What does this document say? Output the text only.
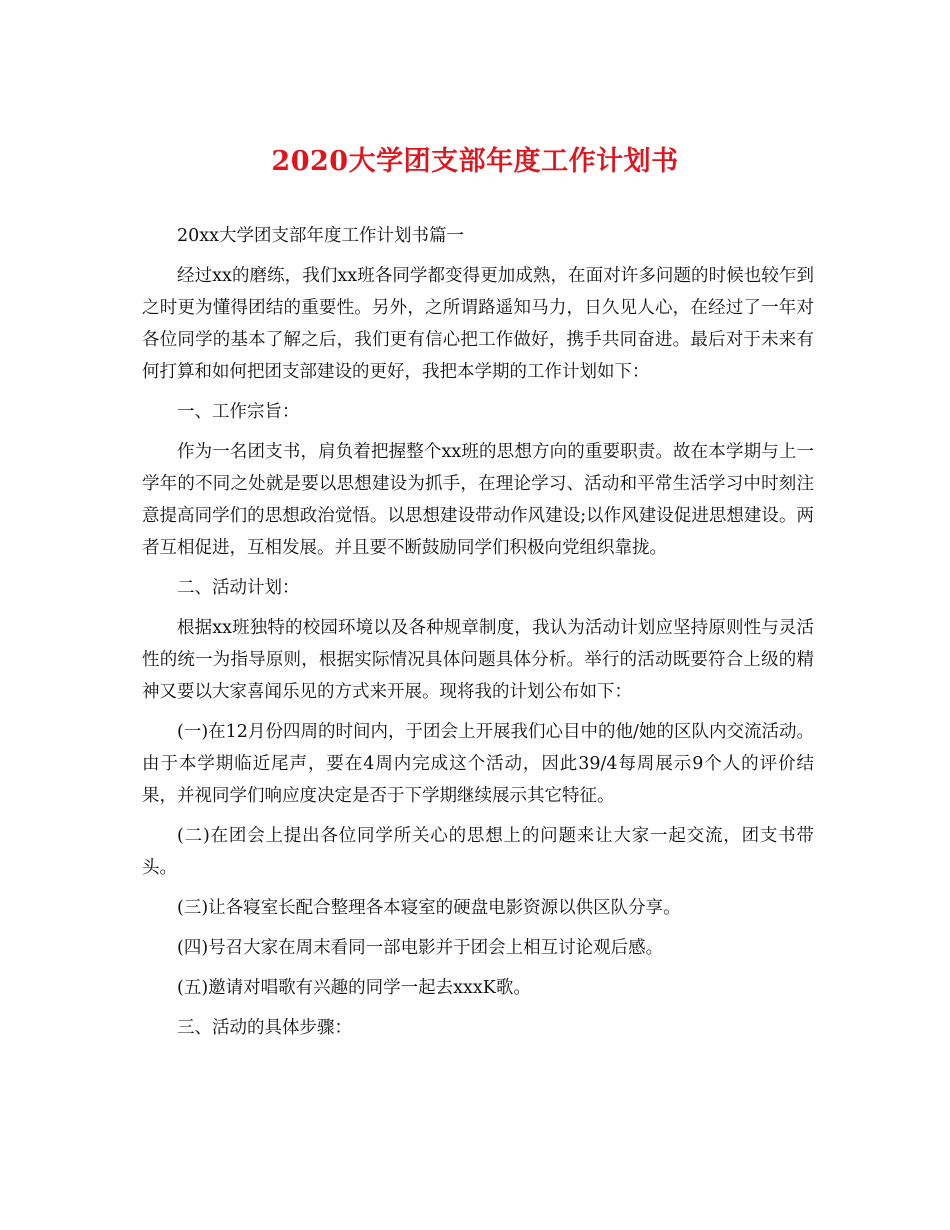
2020大学团支部年度工作计划书

20xx大学团支部年度工作计划书篇一

经过xx的磨练，我们xx班各同学都变得更加成熟，在面对许多问题的时候也较乍到之时更为懂得团结的重要性。另外，之所谓路遥知马力，日久见人心，在经过了一年对各位同学的基本了解之后，我们更有信心把工作做好，携手共同奋进。最后对于未来有何打算和如何把团支部建设的更好，我把本学期的工作计划如下：

一、工作宗旨：

作为一名团支书，肩负着把握整个xx班的思想方向的重要职责。故在本学期与上一学年的不同之处就是要以思想建设为抓手，在理论学习、活动和平常生活学习中时刻注意提高同学们的思想政治觉悟。以思想建设带动作风建设;以作风建设促进思想建设。两者互相促进，互相发展。并且要不断鼓励同学们积极向党组织靠拢。

二、活动计划：

根据xx班独特的校园环境以及各种规章制度，我认为活动计划应坚持原则性与灵活性的统一为指导原则，根据实际情况具体问题具体分析。举行的活动既要符合上级的精神又要以大家喜闻乐见的方式来开展。现将我的计划公布如下：

(一)在12月份四周的时间内，于团会上开展我们心目中的他/她的区队内交流活动。由于本学期临近尾声，要在4周内完成这个活动，因此39/4每周展示9个人的评价结果，并视同学们响应度决定是否于下学期继续展示其它特征。

(二)在团会上提出各位同学所关心的思想上的问题来让大家一起交流，团支书带头。

(三)让各寝室长配合整理各本寝室的硬盘电影资源以供区队分享。

(四)号召大家在周末看同一部电影并于团会上相互讨论观后感。

(五)邀请对唱歌有兴趣的同学一起去xxxK歌。

三、活动的具体步骤：
